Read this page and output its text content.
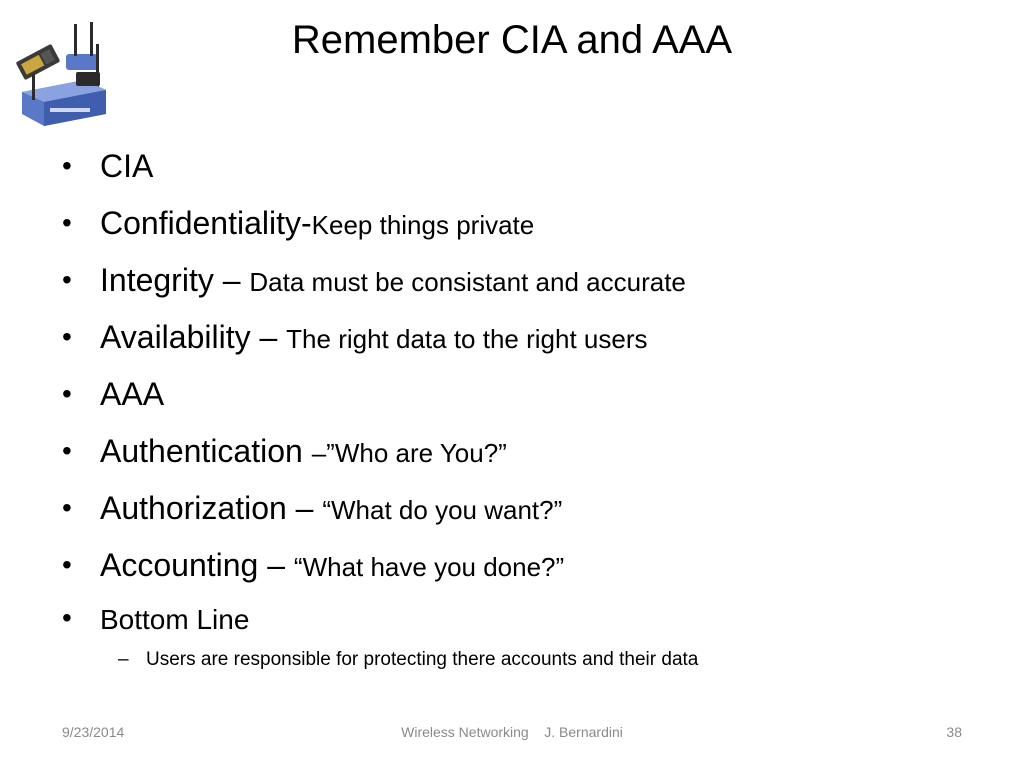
Remember CIA and AAA
• CIA
• Confidentiality-Keep things private
• Integrity – Data must be consistant and accurate
• Availability – The right data to the right users
• AAA
• Authentication –”Who are You?”
• Authorization – “What do you want?”
• Accounting – “What have you done?”
• Bottom Line
– Users are responsible for protecting there accounts and their data
9/23/2014	Wireless Networking    J. Bernardini	38
